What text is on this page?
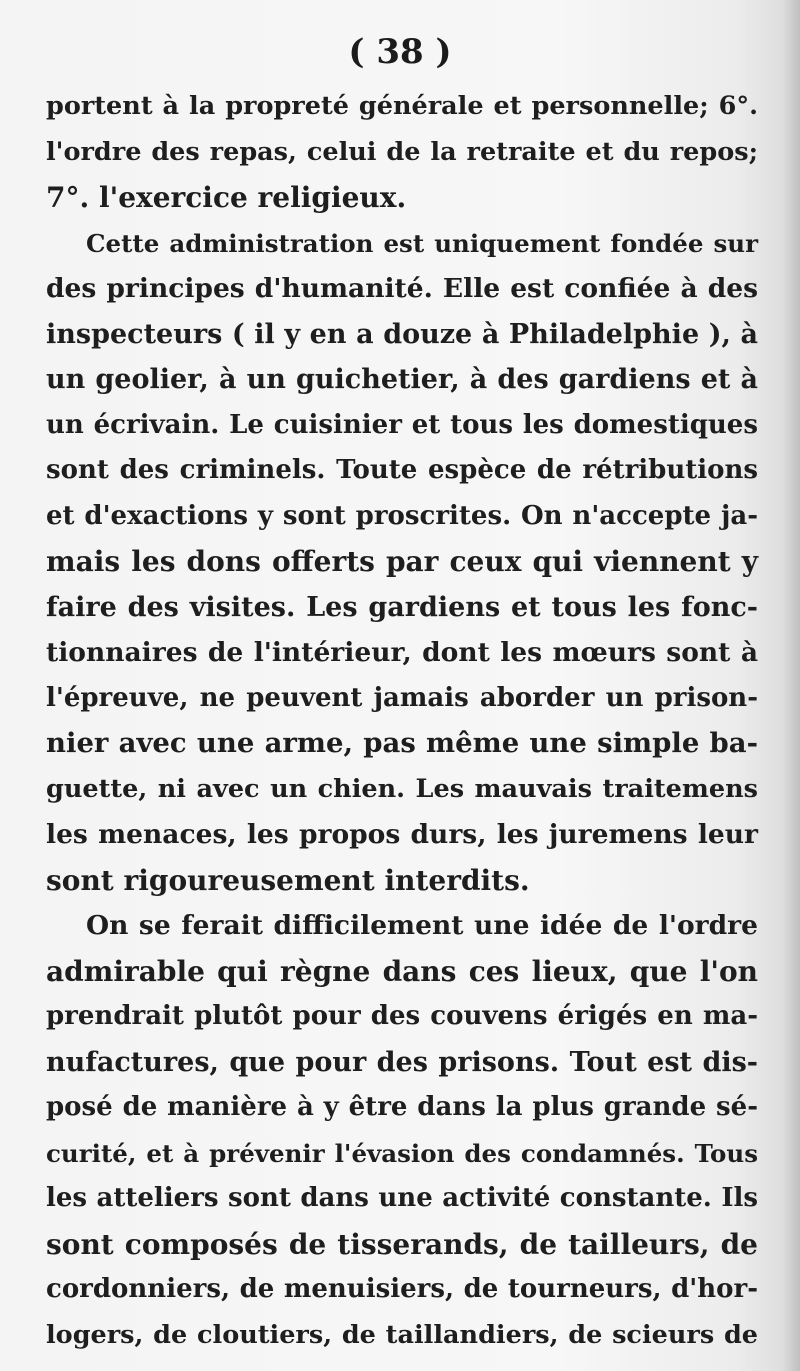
( 38 )

portent à la propreté générale et personnelle; 6°.
l'ordre des repas, celui de la retraite et du repos;
7°. l'exercice religieux.
Cette administration est uniquement fondée sur
des principes d'humanité. Elle est confiée à des
inspecteurs ( il y en a douze à Philadelphie ), à
un geolier, à un guichetier, à des gardiens et à
un écrivain. Le cuisinier et tous les domestiques
sont des criminels. Toute espèce de rétributions
et d'exactions y sont proscrites. On n'accepte ja-
mais les dons offerts par ceux qui viennent y
faire des visites. Les gardiens et tous les fonc-
tionnaires de l'intérieur, dont les mœurs sont à
l'épreuve, ne peuvent jamais aborder un prison-
nier avec une arme, pas même une simple ba-
guette, ni avec un chien. Les mauvais traitemens
les menaces, les propos durs, les juremens leur
sont rigoureusement interdits.
On se ferait difficilement une idée de l'ordre
admirable qui règne dans ces lieux, que l'on
prendrait plutôt pour des couvens érigés en ma-
nufactures, que pour des prisons. Tout est dis-
posé de manière à y être dans la plus grande sé-
curité, et à prévenir l'évasion des condamnés. Tous
les atteliers sont dans une activité constante. Ils
sont composés de tisserands, de tailleurs, de
cordonniers, de menuisiers, de tourneurs, d'hor-
logers, de cloutiers, de taillandiers, de scieurs de
